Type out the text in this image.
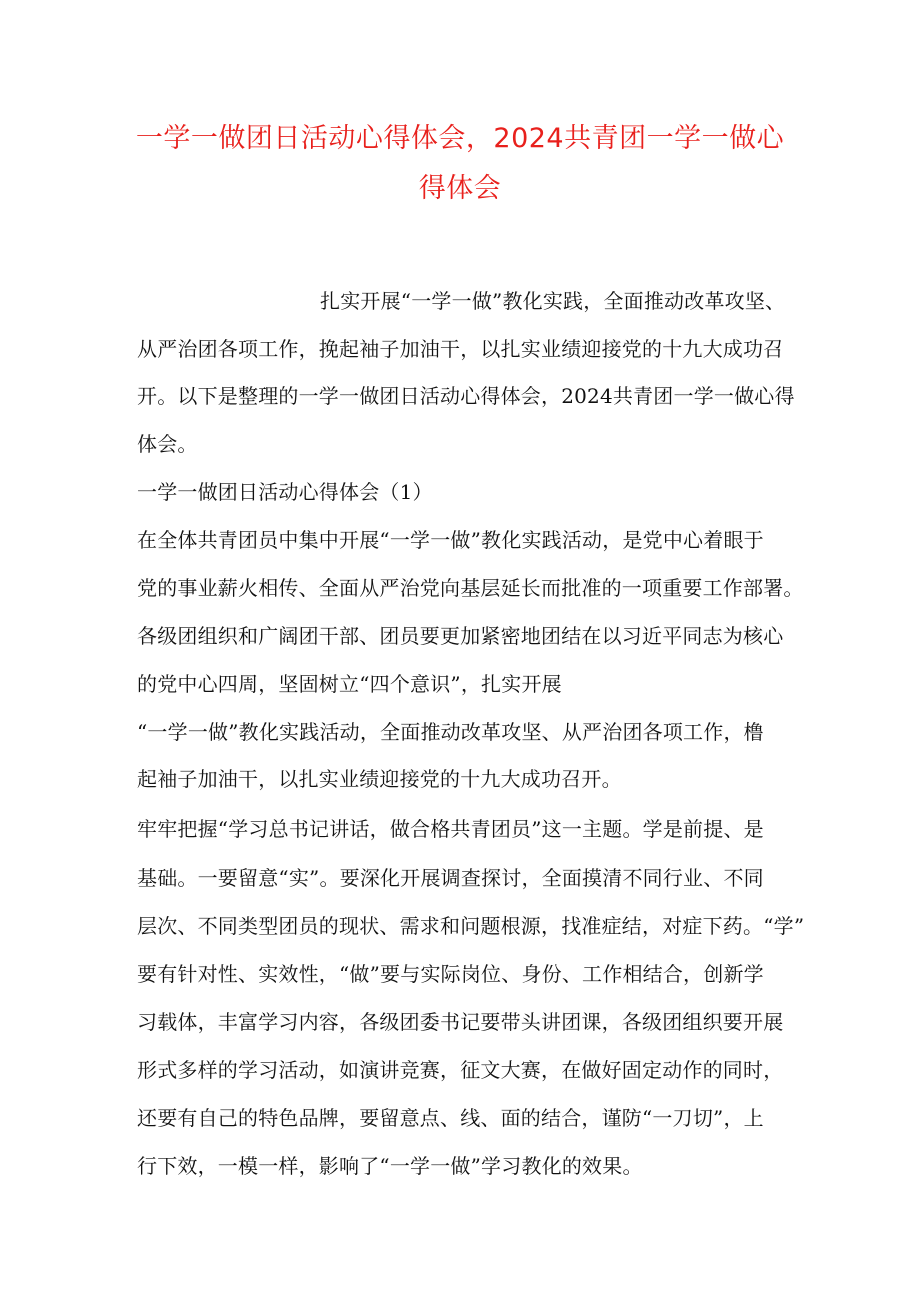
一学一做团日活动心得体会，2024共青团一学一做心
得体会
扎实开展“一学一做”教化实践，全面推动改革攻坚、
从严治团各项工作，挽起袖子加油干，以扎实业绩迎接党的十九大成功召
开。以下是整理的一学一做团日活动心得体会，2024共青团一学一做心得
体会。
一学一做团日活动心得体会（1）
在全体共青团员中集中开展“一学一做”教化实践活动，是党中心着眼于
党的事业薪火相传、全面从严治党向基层延长而批准的一项重要工作部署。
各级团组织和广阔团干部、团员要更加紧密地团结在以习近平同志为核心
的党中心四周，坚固树立“四个意识”，扎实开展
“一学一做”教化实践活动，全面推动改革攻坚、从严治团各项工作，橹
起袖子加油干，以扎实业绩迎接党的十九大成功召开。
牢牢把握“学习总书记讲话，做合格共青团员”这一主题。学是前提、是
基础。一要留意“实”。要深化开展调查探讨，全面摸清不同行业、不同
层次、不同类型团员的现状、需求和问题根源，找准症结，对症下药。“学”
要有针对性、实效性，“做”要与实际岗位、身份、工作相结合，创新学
习载体，丰富学习内容，各级团委书记要带头讲团课，各级团组织要开展
形式多样的学习活动，如演讲竞赛，征文大赛，在做好固定动作的同时，
还要有自己的特色品牌，要留意点、线、面的结合，谨防“一刀切”，上
行下效，一模一样，影响了“一学一做”学习教化的效果。
